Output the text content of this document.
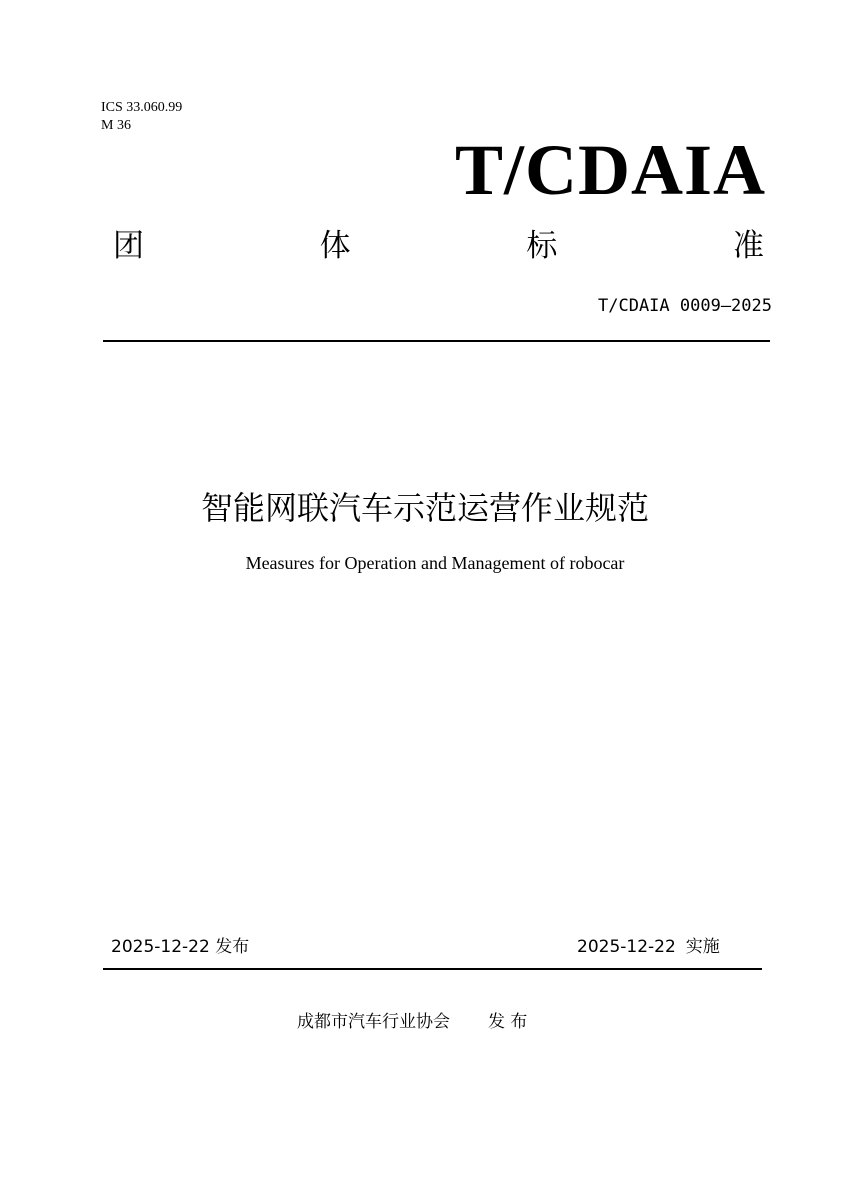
ICS 33.060.99
M 36
T/CDAIA
团	体	标	准
T/CDAIA 0009—2025
智能网联汽车示范运营作业规范
Measures for Operation and Management of robocar
2025-12-22 发布	2025-12-22 实施
成都市汽车行业协会 发 布
